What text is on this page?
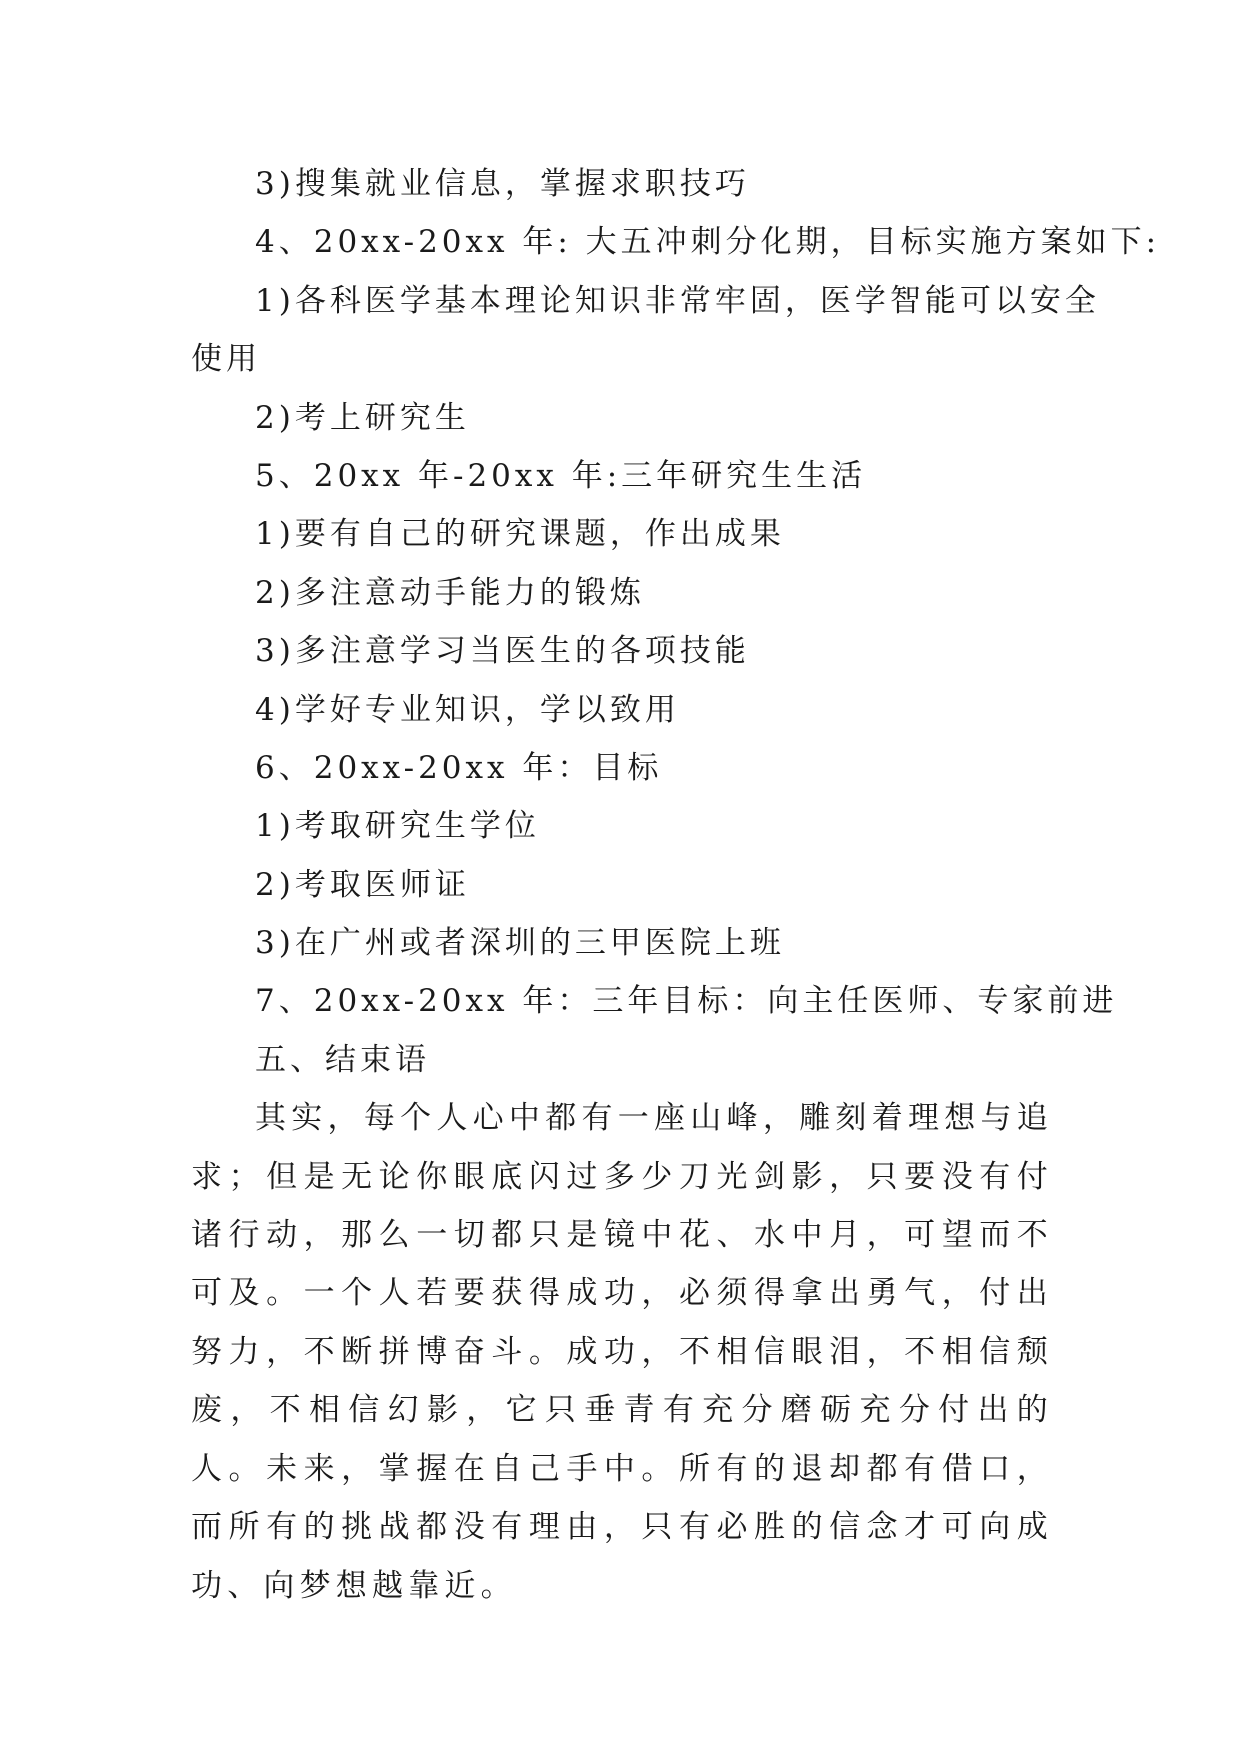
3)搜集就业信息，掌握求职技巧
4、20xx-20xx 年: 大五冲刺分化期，目标实施方案如下:
1)各科医学基本理论知识非常牢固，医学智能可以安全
使用
2)考上研究生
5、20xx 年-20xx 年:三年研究生生活
1)要有自己的研究课题，作出成果
2)多注意动手能力的锻炼
3)多注意学习当医生的各项技能
4)学好专业知识，学以致用
6、20xx-20xx 年：目标
1)考取研究生学位
2)考取医师证
3)在广州或者深圳的三甲医院上班
7、20xx-20xx 年：三年目标：向主任医师、专家前进
五、结束语

其实，每个人心中都有一座山峰，雕刻着理想与追求；但是无论你眼底闪过多少刀光剑影，只要没有付诸行动，那么一切都只是镜中花、水中月，可望而不可及。一个人若要获得成功，必须得拿出勇气，付出努力，不断拼博奋斗。成功，不相信眼泪，不相信颓废，不相信幻影，它只垂青有充分磨砺充分付出的人。未来，掌握在自己手中。所有的退却都有借口，而所有的挑战都没有理由，只有必胜的信念才可向成功、向梦想越靠近。
